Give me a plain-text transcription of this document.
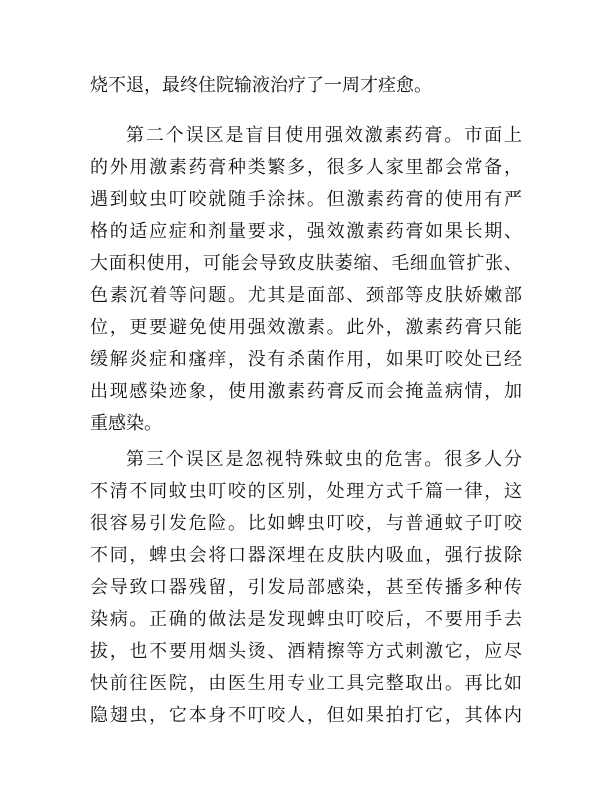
烧不退，最终住院输液治疗了一周才痊愈。
第二个误区是盲目使用强效激素药膏。市面上
的外用激素药膏种类繁多，很多人家里都会常备，
遇到蚊虫叮咬就随手涂抹。但激素药膏的使用有严
格的适应症和剂量要求，强效激素药膏如果长期、
大面积使用，可能会导致皮肤萎缩、毛细血管扩张、
色素沉着等问题。尤其是面部、颈部等皮肤娇嫩部
位，更要避免使用强效激素。此外，激素药膏只能
缓解炎症和瘙痒，没有杀菌作用，如果叮咬处已经
出现感染迹象，使用激素药膏反而会掩盖病情，加
重感染。
第三个误区是忽视特殊蚊虫的危害。很多人分
不清不同蚊虫叮咬的区别，处理方式千篇一律，这
很容易引发危险。比如蜱虫叮咬，与普通蚊子叮咬
不同，蜱虫会将口器深埋在皮肤内吸血，强行拔除
会导致口器残留，引发局部感染，甚至传播多种传
染病。正确的做法是发现蜱虫叮咬后，不要用手去
拔，也不要用烟头烫、酒精擦等方式刺激它，应尽
快前往医院，由医生用专业工具完整取出。再比如
隐翅虫，它本身不叮咬人，但如果拍打它，其体内
